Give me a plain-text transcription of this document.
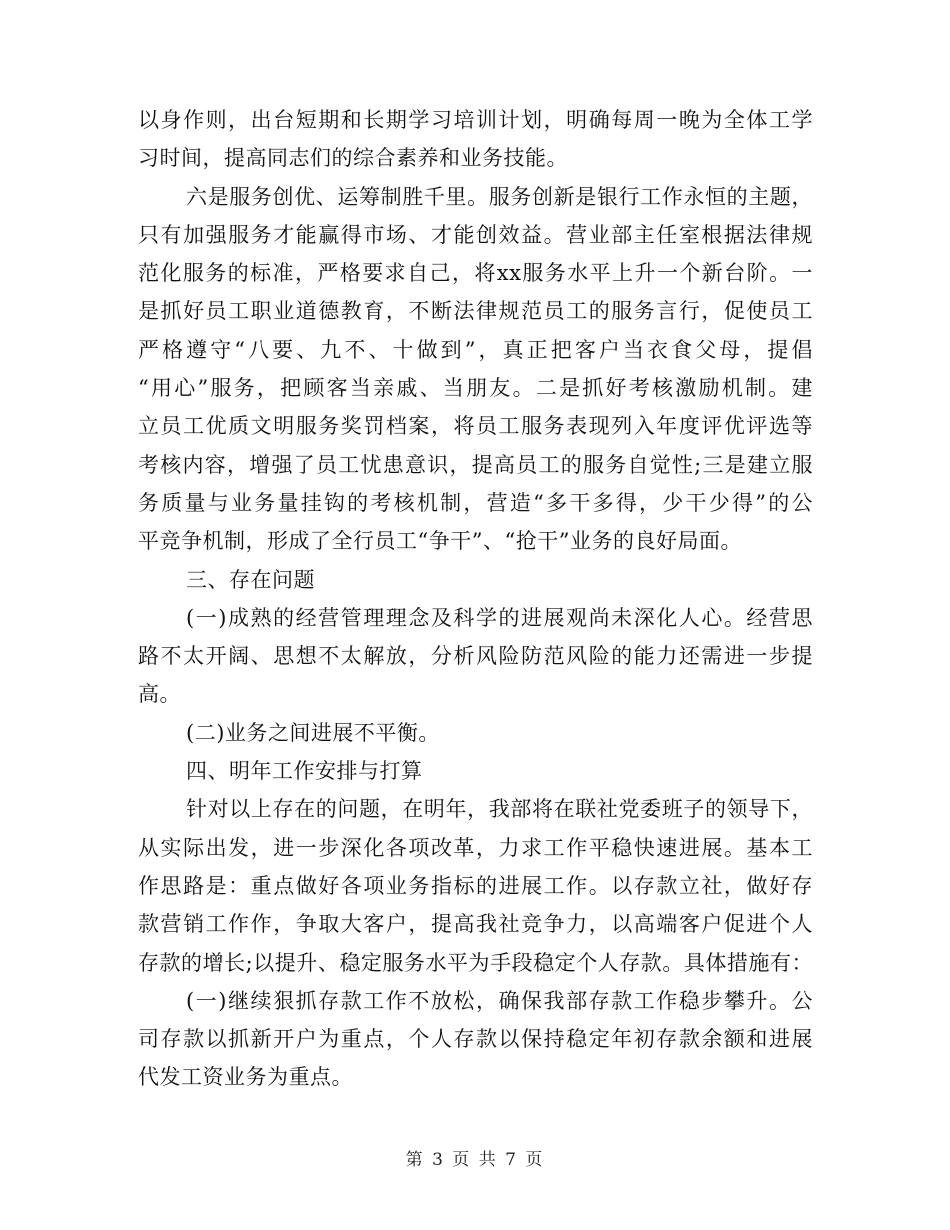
以身作则，出台短期和长期学习培训计划，明确每周一晚为全体工学
习时间，提高同志们的综合素养和业务技能。
六是服务创优、运筹制胜千里。服务创新是银行工作永恒的主题，
只有加强服务才能赢得市场、才能创效益。营业部主任室根据法律规
范化服务的标准，严格要求自己，将xx服务水平上升一个新台阶。一
是抓好员工职业道德教育，不断法律规范员工的服务言行，促使员工
严格遵守“八要、九不、十做到”，真正把客户当衣食父母，提倡
“用心”服务，把顾客当亲戚、当朋友。二是抓好考核激励机制。建
立员工优质文明服务奖罚档案，将员工服务表现列入年度评优评选等
考核内容，增强了员工忧患意识，提高员工的服务自觉性;三是建立服
务质量与业务量挂钩的考核机制，营造“多干多得，少干少得”的公
平竞争机制，形成了全行员工“争干”、“抢干”业务的良好局面。
三、存在问题
(一)成熟的经营管理理念及科学的进展观尚未深化人心。经营思
路不太开阔、思想不太解放，分析风险防范风险的能力还需进一步提
高。
(二)业务之间进展不平衡。
四、明年工作安排与打算
针对以上存在的问题，在明年，我部将在联社党委班子的领导下，
从实际出发，进一步深化各项改革，力求工作平稳快速进展。基本工
作思路是：重点做好各项业务指标的进展工作。以存款立社，做好存
款营销工作作，争取大客户，提高我社竞争力，以高端客户促进个人
存款的增长;以提升、稳定服务水平为手段稳定个人存款。具体措施有：
(一)继续狠抓存款工作不放松，确保我部存款工作稳步攀升。公
司存款以抓新开户为重点，个人存款以保持稳定年初存款余额和进展
代发工资业务为重点。
第 3 页 共 7 页
